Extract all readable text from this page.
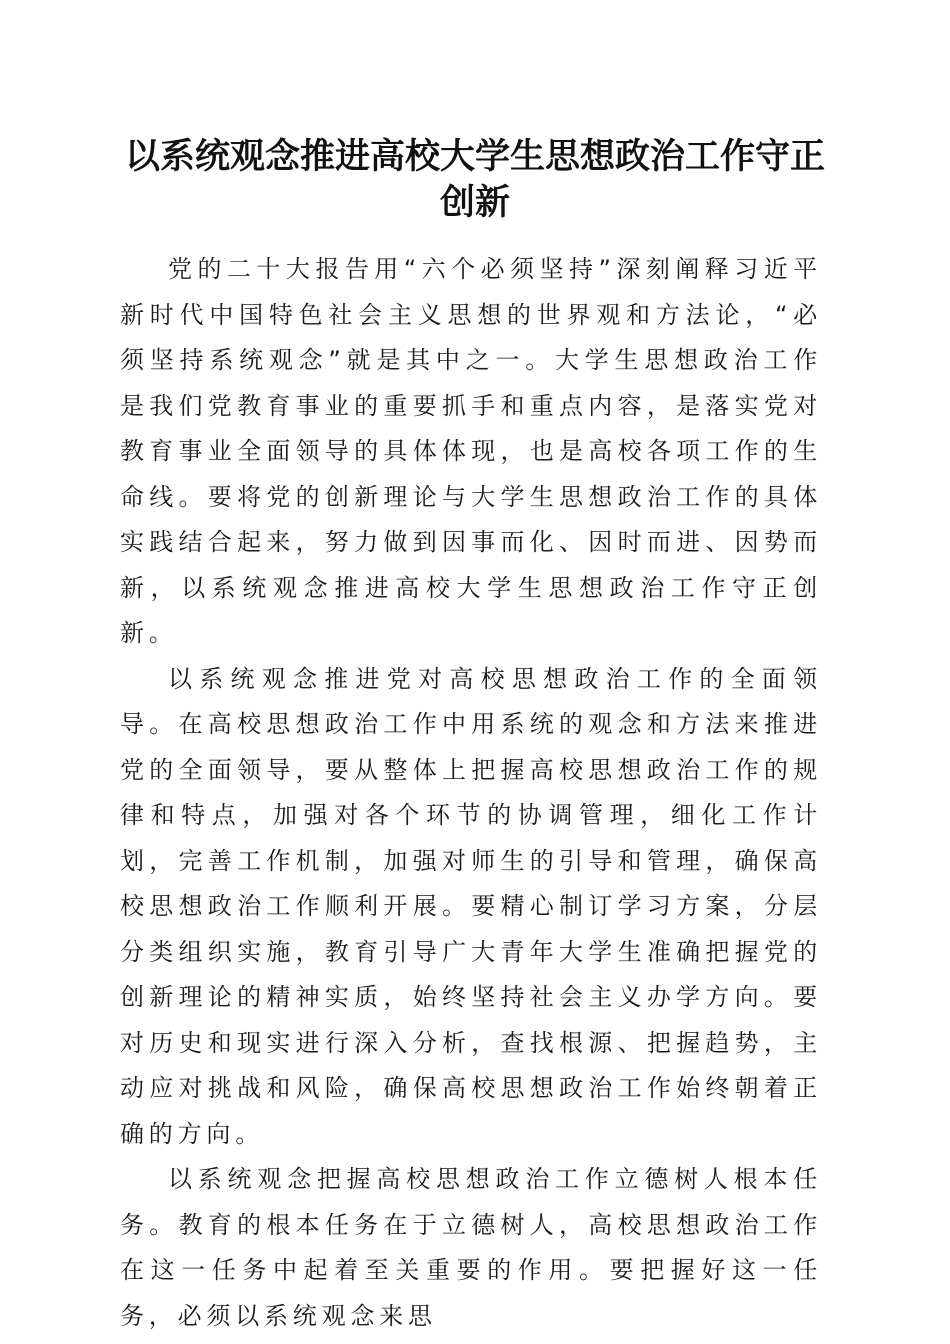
以系统观念推进高校大学生思想政治工作守正创新

党的二十大报告用“六个必须坚持”深刻阐释习近平新时代中国特色社会主义思想的世界观和方法论，“必须坚持系统观念”就是其中之一。大学生思想政治工作是我们党教育事业的重要抓手和重点内容，是落实党对教育事业全面领导的具体体现，也是高校各项工作的生命线。要将党的创新理论与大学生思想政治工作的具体实践结合起来，努力做到因事而化、因时而进、因势而新，以系统观念推进高校大学生思想政治工作守正创新。

以系统观念推进党对高校思想政治工作的全面领导。在高校思想政治工作中用系统的观念和方法来推进党的全面领导，要从整体上把握高校思想政治工作的规律和特点，加强对各个环节的协调管理，细化工作计划，完善工作机制，加强对师生的引导和管理，确保高校思想政治工作顺利开展。要精心制订学习方案，分层分类组织实施，教育引导广大青年大学生准确把握党的创新理论的精神实质，始终坚持社会主义办学方向。要对历史和现实进行深入分析，查找根源、把握趋势，主动应对挑战和风险，确保高校思想政治工作始终朝着正确的方向。

以系统观念把握高校思想政治工作立德树人根本任务。教育的根本任务在于立德树人，高校思想政治工作在这一任务中起着至关重要的作用。要把握好这一任务，必须以系统观念来思
